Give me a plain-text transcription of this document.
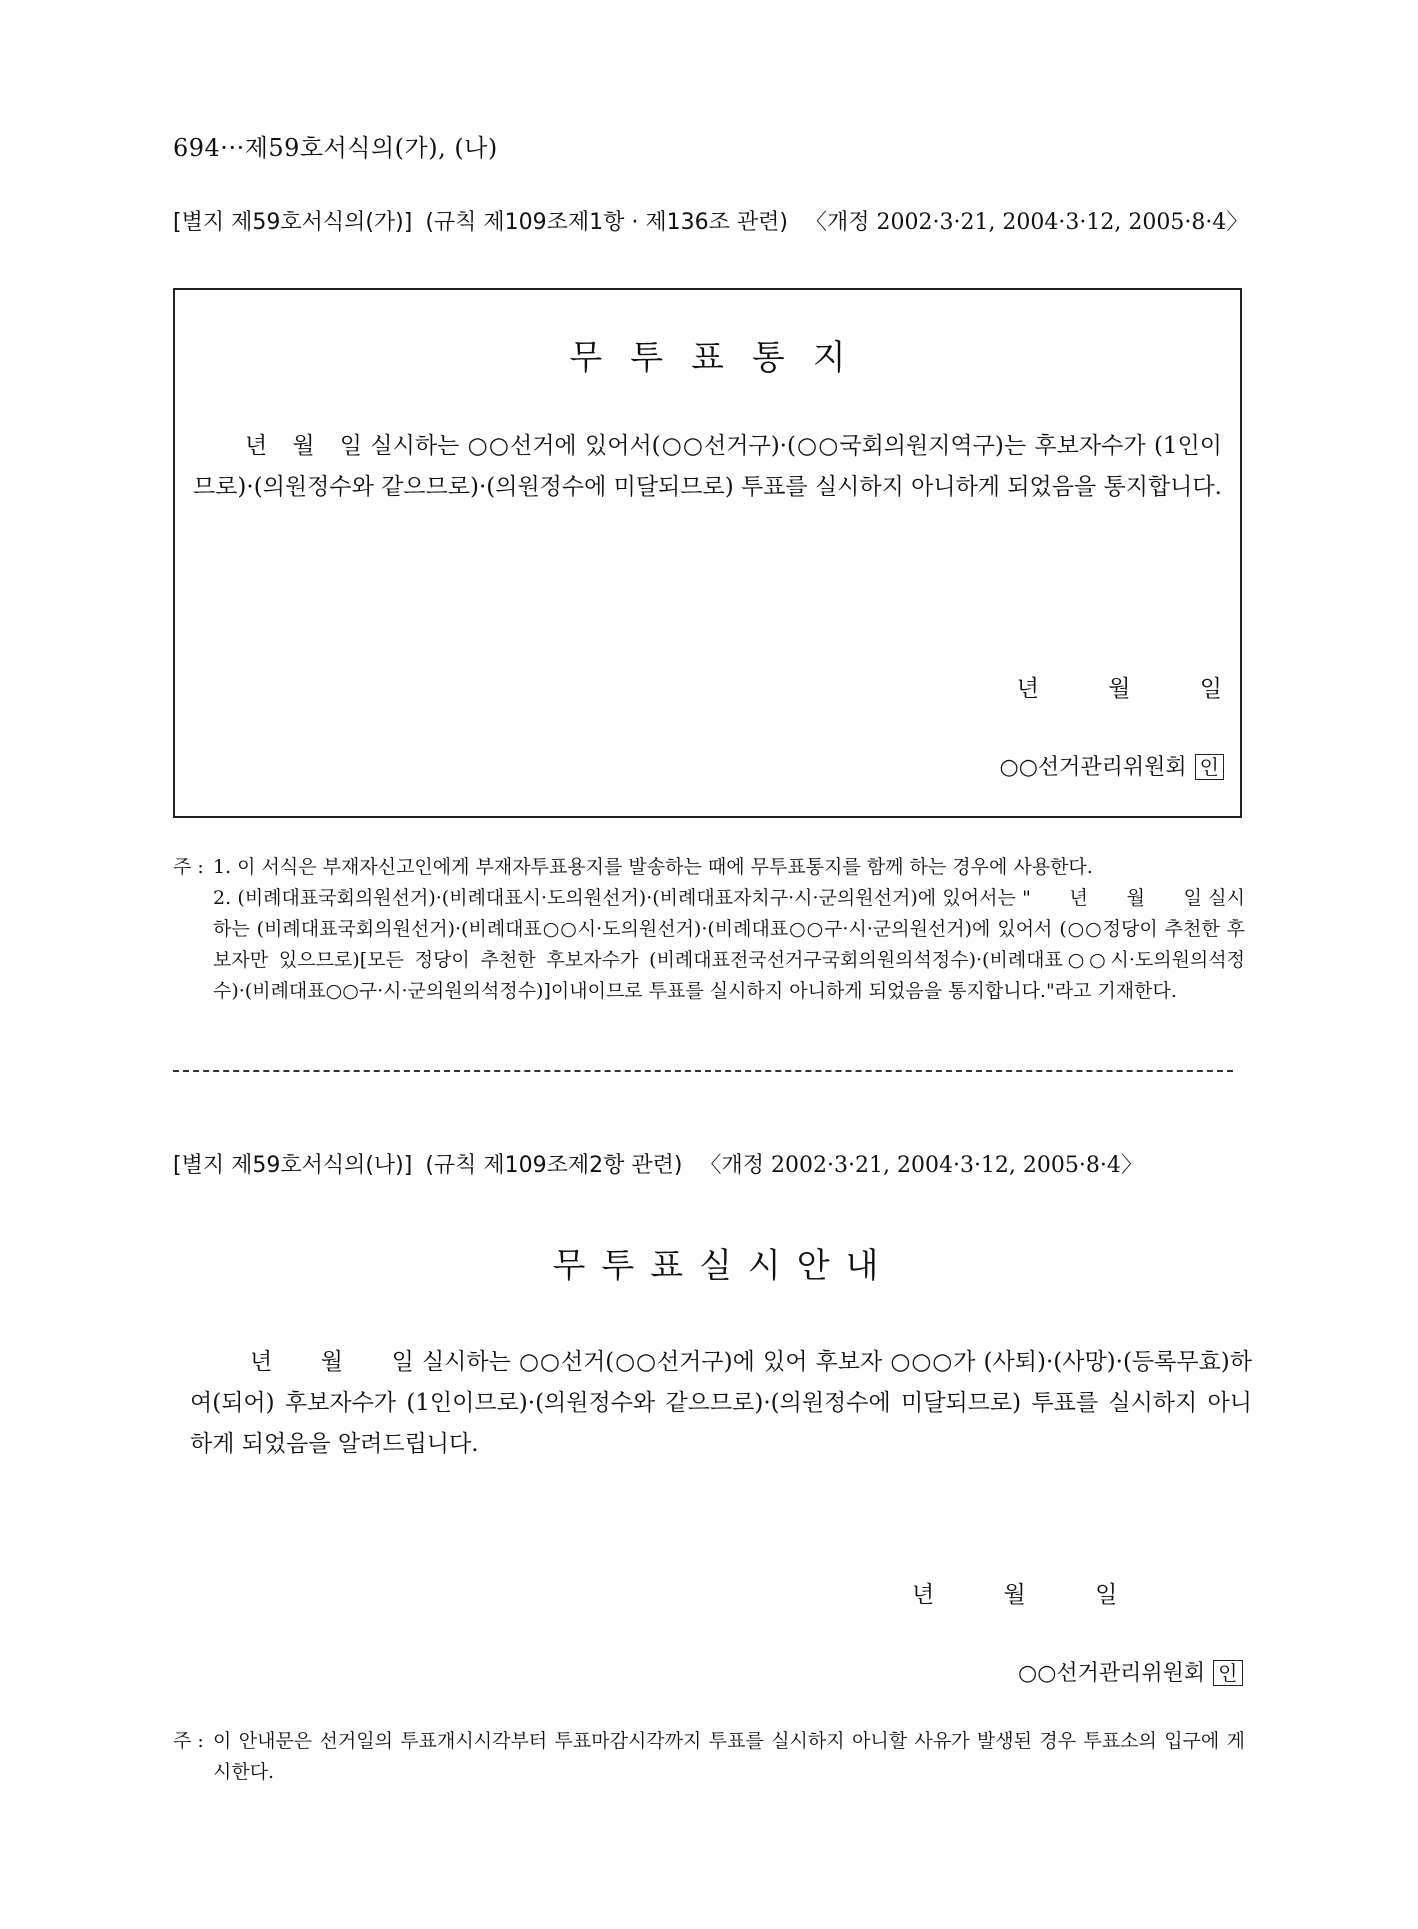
694···제59호서식의(가), (나)
[별지 제59호서식의(가)] (규칙 제109조제1항 · 제136조 관련) 〈개정 2002·3·21, 2004·3·12, 2005·8·4〉
무투표통지
년　월　일 실시하는 ○○선거에 있어서(○○선거구)·(○○국회의원지역구)는 후보자수가 (1인이므로)·(의원정수와 같으므로)·(의원정수에 미달되므로) 투표를 실시하지 아니하게 되었음을 통지합니다.
년	월	일
○○선거관리위원회 인
주 : 1. 이 서식은 부재자신고인에게 부재자투표용지를 발송하는 때에 무투표통지를 함께 하는 경우에 사용한다.
2. (비례대표국회의원선거)·(비례대표시·도의원선거)·(비례대표자치구·시·군의원선거)에 있어서는 "　　년　　월　　일 실시하는 (비례대표국회의원선거)·(비례대표○○시·도의원선거)·(비례대표○○구·시·군의원선거)에 있어서 (○○정당이 추천한 후보자만 있으므로)[모든 정당이 추천한 후보자수가 (비례대표전국선거구국회의원의석정수)·(비례대표○○시·도의원의석정수)·(비례대표○○구·시·군의원의석정수)]이내이므로 투표를 실시하지 아니하게 되었음을 통지합니다."라고 기재한다.
[별지 제59호서식의(나)] (규칙 제109조제2항 관련) 〈개정 2002·3·21, 2004·3·12, 2005·8·4〉
무투표실시안내
년　　월　　일 실시하는 ○○선거(○○선거구)에 있어 후보자 ○○○가 (사퇴)·(사망)·(등록무효)하여(되어) 후보자수가 (1인이므로)·(의원정수와 같으므로)·(의원정수에 미달되므로) 투표를 실시하지 아니하게 되었음을 알려드립니다.
년	월	일
○○선거관리위원회 인
주 : 이 안내문은 선거일의 투표개시시각부터 투표마감시각까지 투표를 실시하지 아니할 사유가 발생된 경우 투표소의 입구에 게시한다.
